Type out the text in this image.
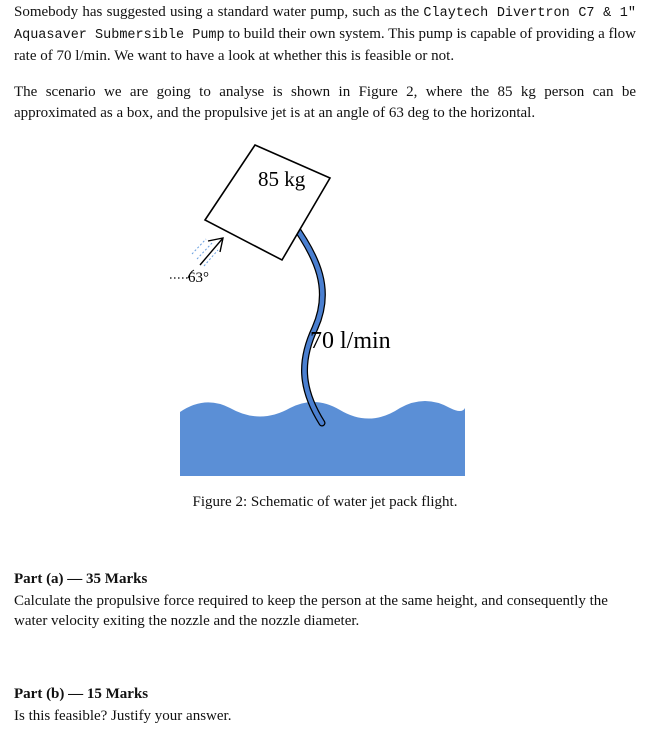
Somebody has suggested using a standard water pump, such as the Claytech Divertron C7 & 1" Aquasaver Submersible Pump to build their own system. This pump is capable of providing a flow rate of 70 l/min. We want to have a look at whether this is feasible or not.
The scenario we are going to analyse is shown in Figure 2, where the 85 kg person can be approximated as a box, and the propulsive jet is at an angle of 63 deg to the horizontal.
85 kg
63°
70 l/min
Figure 2: Schematic of water jet pack flight.
Part (a) — 35 Marks
Calculate the propulsive force required to keep the person at the same height, and consequently the water velocity exiting the nozzle and the nozzle diameter.
Part (b) — 15 Marks
Is this feasible? Justify your answer.
